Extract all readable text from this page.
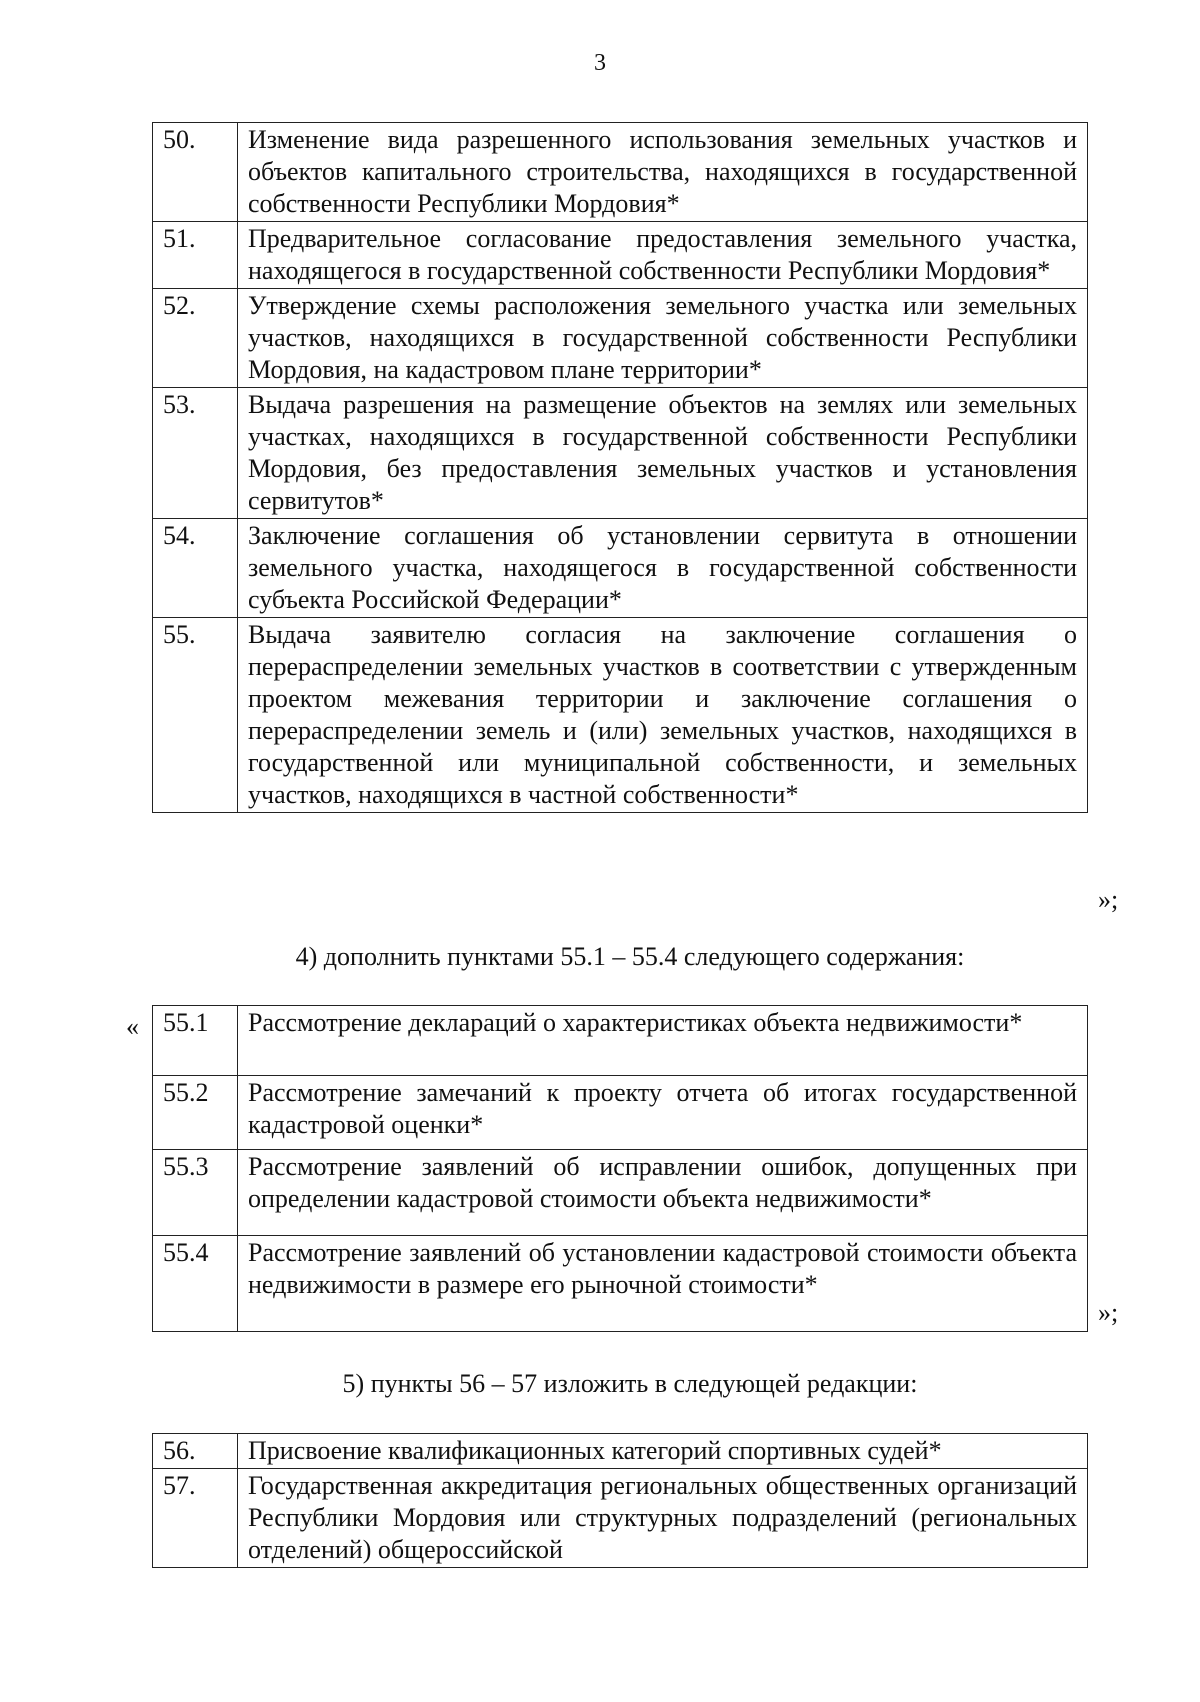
3
50.	Изменение вида разрешенного использования земельных участков и объектов капитального строительства, находящихся в государственной собственности Республики Мордовия*
51.	Предварительное согласование предоставления земельного участка, находящегося в государственной собственности Республики Мордовия*
52.	Утверждение схемы расположения земельного участка или земельных участков, находящихся в государственной собственности Республики Мордовия, на кадастровом плане территории*
53.	Выдача разрешения на размещение объектов на землях или земельных участках, находящихся в государственной собственности Республики Мордовия, без предоставления земельных участков и установления сервитутов*
54.	Заключение соглашения об установлении сервитута в отношении земельного участка, находящегося в государственной собственности субъекта Российской Федерации*
55.	Выдача заявителю согласия на заключение соглашения о перераспределении земельных участков в соответствии с утвержденным проектом межевания территории и заключение соглашения о перераспределении земель и (или) земельных участков, находящихся в государственной или муниципальной собственности, и земельных участков, находящихся в частной собственности*
»;
4) дополнить пунктами 55.1 – 55.4 следующего содержания:
« 55.1	Рассмотрение деклараций о характеристиках объекта недвижимости*
55.2	Рассмотрение замечаний к проекту отчета об итогах государственной кадастровой оценки*
55.3	Рассмотрение заявлений об исправлении ошибок, допущенных при определении кадастровой стоимости объекта недвижимости*
55.4	Рассмотрение заявлений об установлении кадастровой стоимости объекта недвижимости в размере его рыночной стоимости*
»;
5) пункты 56 – 57 изложить в следующей редакции:
56.	Присвоение квалификационных категорий спортивных судей*
57.	Государственная аккредитация региональных общественных организаций Республики Мордовия или структурных подразделений (региональных отделений) общероссийской
